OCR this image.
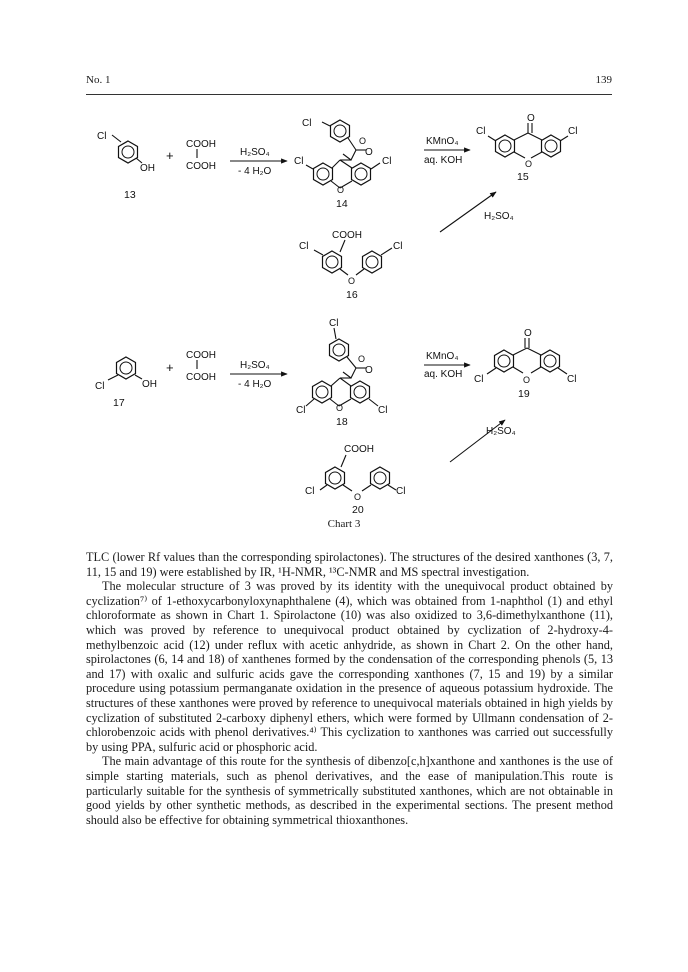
No. 1	139
Cl
OH
13
+
COOH
COOH
H₂SO₄
- 4 H₂O
Cl
O
O
Cl	Cl
O
14
KMnO₄
aq. KOH
O
Cl	Cl
O
15
H₂SO₄
COOH
Cl	Cl
O
16
Cl	OH
17
+
COOH
COOH
H₂SO₄
- 4 H₂O
Cl
O
O
Cl	Cl
O
18
KMnO₄
aq. KOH
O
Cl	Cl
O
19
H₂SO₄
COOH
Cl	Cl
O
20
Chart 3

TLC (lower Rf values than the corresponding spirolactones). The structures of the desired xanthones (3, 7, 11, 15 and 19) were established by IR, ¹H-NMR, ¹³C-NMR and MS spectral investigation.

The molecular structure of 3 was proved by its identity with the unequivocal product obtained by cyclization⁷⁾ of 1-ethoxycarbonyloxynaphthalene (4), which was obtained from 1-naphthol (1) and ethyl chloroformate as shown in Chart 1. Spirolactone (10) was also oxidized to 3,6-dimethylxanthone (11), which was proved by reference to unequivocal product obtained by cyclization of 2-hydroxy-4-methylbenzoic acid (12) under reflux with acetic anhydride, as shown in Chart 2. On the other hand, spirolactones (6, 14 and 18) of xanthenes formed by the condensation of the corresponding phenols (5, 13 and 17) with oxalic and sulfuric acids gave the corresponding xanthones (7, 15 and 19) by a similar procedure using potassium permanganate oxidation in the presence of aqueous potassium hydroxide. The structures of these xanthones were proved by reference to unequivocal materials obtained in high yields by cyclization of substituted 2-carboxy diphenyl ethers, which were formed by Ullmann condensation of 2-chlorobenzoic acids with phenol derivatives.⁴⁾ This cyclization to xanthones was carried out successfully by using PPA, sulfuric acid or phosphoric acid.

The main advantage of this route for the synthesis of dibenzo[c,h]xanthone and xanthones is the use of simple starting materials, such as phenol derivatives, and the ease of manipulation.This route is particularly suitable for the synthesis of symmetrically substituted xanthones, which are not obtainable in good yields by other synthetic methods, as described in the experimental sections. The present method should also be effective for obtaining symmetrical thioxanthones.
